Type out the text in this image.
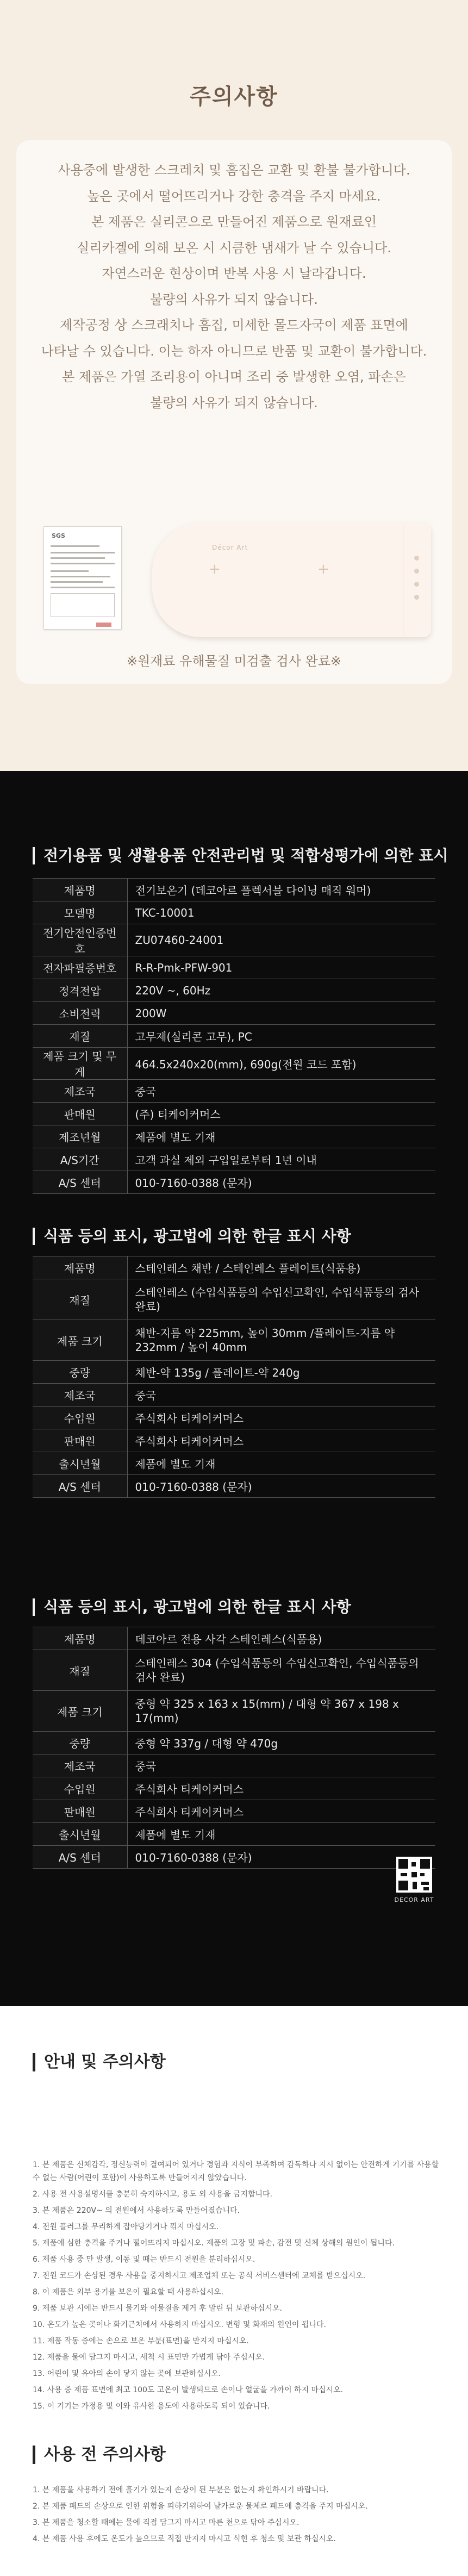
주의사항
사용중에 발생한 스크레치 및 흠집은 교환 및 환불 불가합니다.
높은 곳에서 떨어뜨리거나 강한 충격을 주지 마세요.
본 제품은 실리콘으로 만들어진 제품으로 원재료인
실리카겔에 의해 보온 시 시큼한 냄새가 날 수 있습니다.
자연스러운 현상이며 반복 사용 시 날라갑니다.
불량의 사유가 되지 않습니다.
제작공정 상 스크래치나 흠집, 미세한 몰드자국이 제품 표면에
나타날 수 있습니다. 이는 하자 아니므로 반품 및 교환이 불가합니다.
본 제품은 가열 조리용이 아니며 조리 중 발생한 오염, 파손은
불량의 사유가 되지 않습니다.
SGS
Décor Art
+	+
※원재료 유해물질 미검출 검사 완료※
전기용품 및 생활용품 안전관리법 및 적합성평가에 의한 표시
제품명	전기보온기 (데코아르 플렉서블 다이닝 매직 워머)
모델명	TKC-10001
전기안전인증번호	ZU07460-24001
전자파필증번호	R-R-Pmk-PFW-901
정격전압	220V ~, 60Hz
소비전력	200W
재질	고무제(실리콘 고무), PC
제품 크기 및 무게	464.5x240x20(mm), 690g(전원 코드 포함)
제조국	중국
판매원	(주) 티케이커머스
제조년월	제품에 별도 기재
A/S기간	고객 과실 제외 구입일로부터 1년 이내
A/S 센터	010-7160-0388 (문자)
식품 등의 표시, 광고법에 의한 한글 표시 사항
제품명	스테인레스 채반 / 스테인레스 플레이트(식품용)
재질	스테인레스 (수입식품등의 수입신고확인, 수입식품등의 검사 완료)
제품 크기	채반-지름 약 225mm, 높이 30mm /플레이트-지름 약 232mm / 높이 40mm
중량	채반-약 135g / 플레이트-약 240g
제조국	중국
수입원	주식회사 티케이커머스
판매원	주식회사 티케이커머스
출시년월	제품에 별도 기재
A/S 센터	010-7160-0388 (문자)
식품 등의 표시, 광고법에 의한 한글 표시 사항
제품명	데코아르 전용 사각 스테인레스(식품용)
재질	스테인레스 304 (수입식품등의 수입신고확인, 수입식품등의 검사 완료)
제품 크기	중형 약 325 x 163 x 15(mm) / 대형 약 367 x 198 x 17(mm)
중량	중형 약 337g / 대형 약 470g
제조국	중국
수입원	주식회사 티케이커머스
판매원	주식회사 티케이커머스
출시년월	제품에 별도 기재
A/S 센터	010-7160-0388 (문자)
DECOR ART
안내 및 주의사항
1. 본 제품은 신체감각, 정신능력이 결여되어 있거나 경험과 지식이 부족하여 감독하나 지시 없이는 안전하게 기기를 사용할 수 없는 사람(어린이 포함)이 사용하도록 만들어지지 않았습니다.
2. 사용 전 사용설명서를 충분히 숙지하시고, 용도 외 사용을 금지합니다.
3. 본 제품은 220V~ 의 전원에서 사용하도록 만들어졌습니다.
4. 전원 플러그를 무리하게 잡아당기거나 꺾지 마십시오.
5. 제품에 심한 충격을 주거나 떨어뜨리지 마십시오. 제품의 고장 및 파손, 감전 및 신체 상해의 원인이 됩니다.
6. 제품 사용 중 만 발생, 이동 및 때는 반드시 전원을 분리하십시오.
7. 전원 코드가 손상된 경우 사용을 중지하시고 제조업체 또는 공식 서비스센터에 교체를 받으십시오.
8. 이 제품은 외부 용기를 보온이 필요할 때 사용하십시오.
9. 제품 보관 시에는 반드시 물기와 이물질을 제거 후 말린 뒤 보관하십시오.
10. 온도가 높은 곳이나 화기근처에서 사용하지 마십시오. 변형 및 화재의 원인이 됩니다.
11. 제품 작동 중에는 손으로 보온 부분(표면)을 만지지 마십시오.
12. 제품을 물에 담그지 마시고, 세척 시 표면만 가볍게 닦아 주십시오.
13. 어린이 및 유아의 손이 닿지 않는 곳에 보관하십시오.
14. 사용 중 제품 표면에 최고 100도 고온이 발생되므로 손이나 얼굴을 가까이 하지 마십시오.
15. 이 기기는 가정용 및 이와 유사한 용도에 사용하도록 되어 있습니다.
사용 전 주의사항
1. 본 제품을 사용하기 전에 흘기가 있는지 손상이 된 부분은 없는지 확인하시기 바랍니다.
2. 본 제품 패드의 손상으로 인한 위험을 피하기위하여 날카로운 물체로 패드에 충격을 주지 마십시오.
3. 본 제품을 청소할 때에는 물에 직접 담그지 마시고 마른 천으로 닦아 주십시오.
4. 본 제품 사용 후에도 온도가 높으므로 직접 만지지 마시고 식힌 후 청소 및 보관 하십시오.
